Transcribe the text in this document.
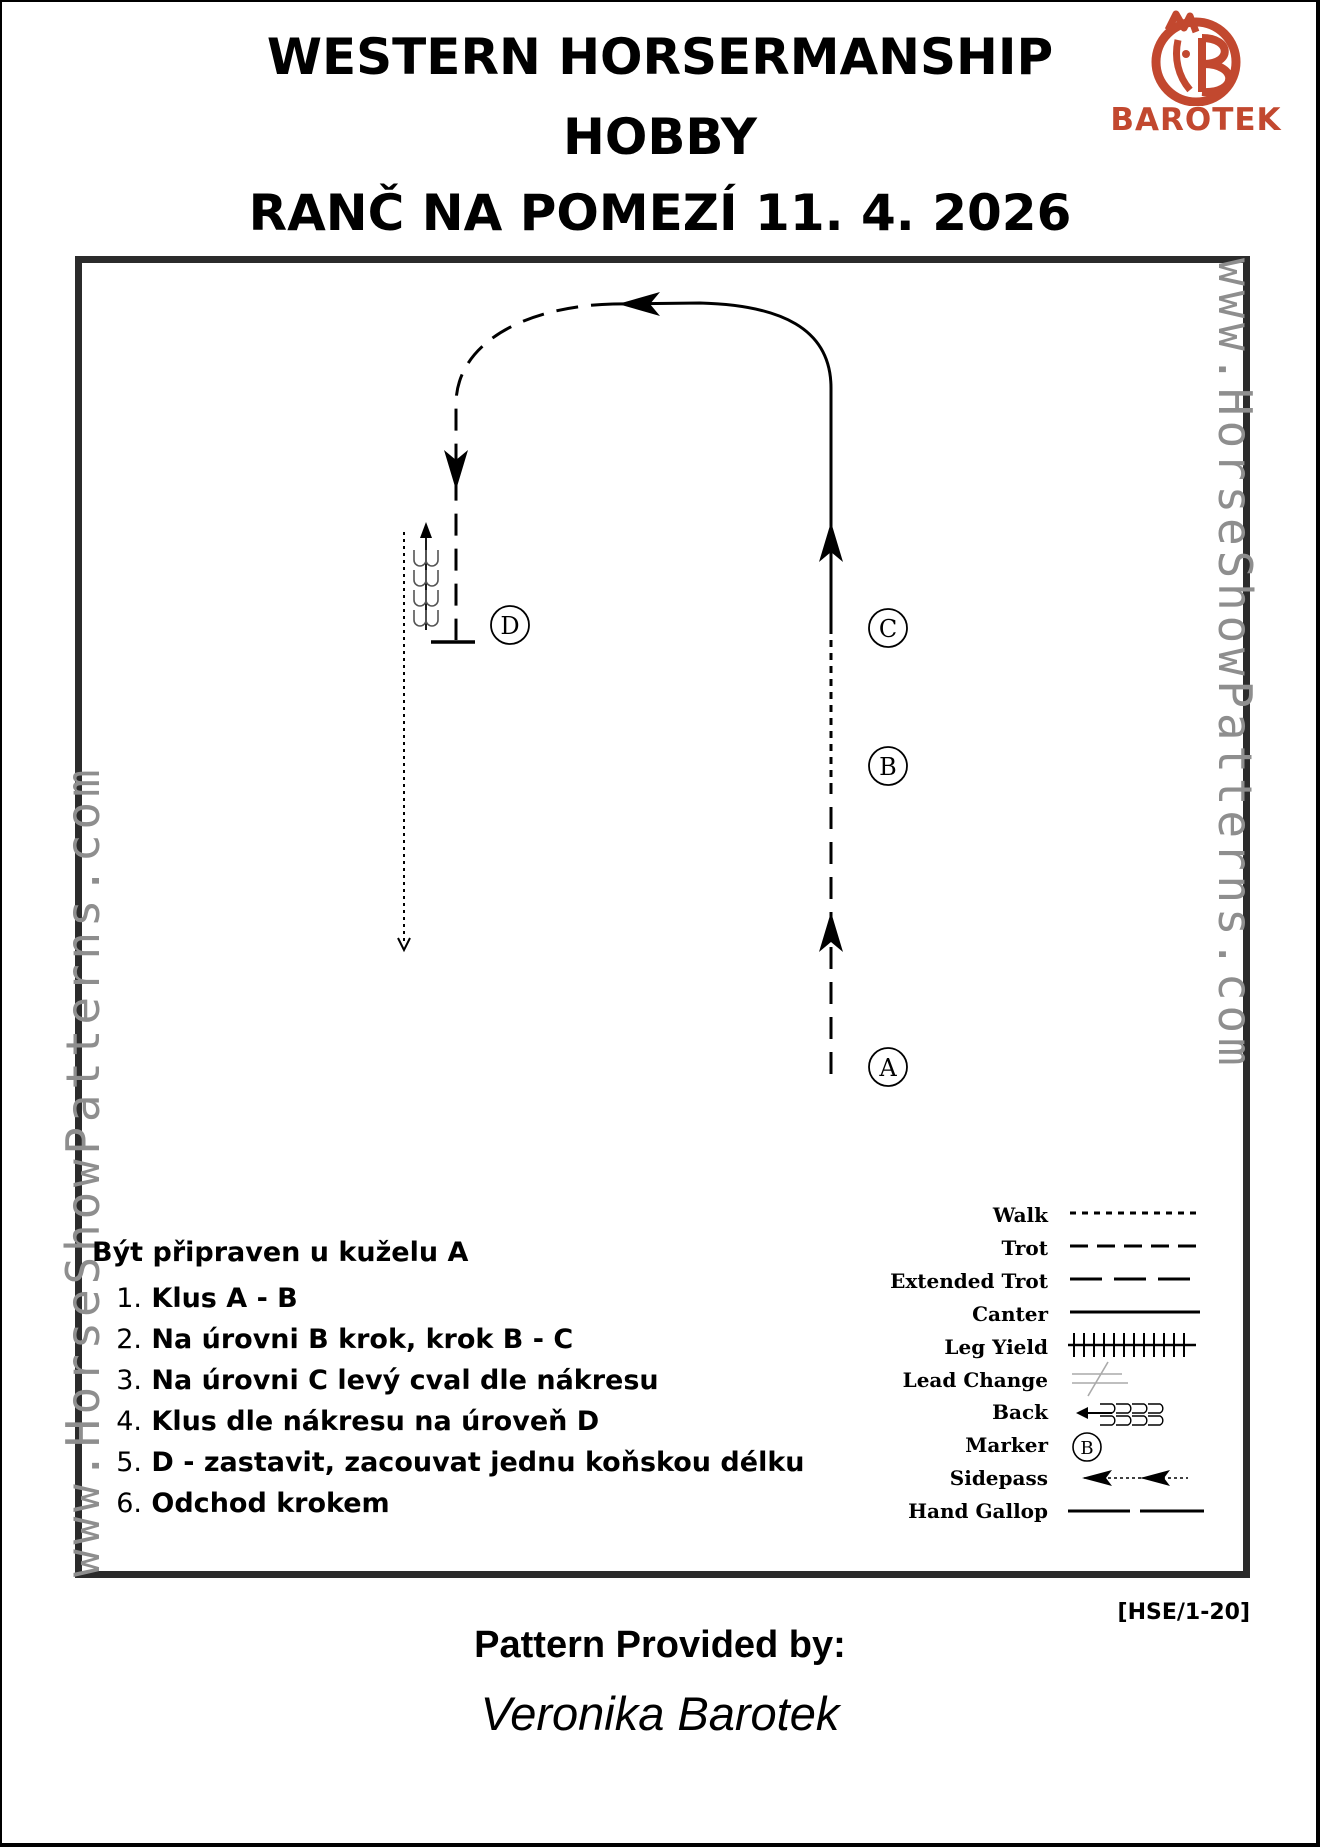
WESTERN HORSERMANSHIP
HOBBY
RANČ NA POMEZÍ 11. 4. 2026
BAROTEK
www.HorseShowPatterns.com
www.HorseShowPatterns.com
A
B
C
D
B
Walk
Trot
Extended Trot
Canter
Leg Yield
Lead Change
Back
Marker
Sidepass
Hand Gallop
Být připraven u kuželu A
1. Klus A - B
2. Na úrovni B krok, krok B - C
3. Na úrovni C levý cval dle nákresu
4. Klus dle nákresu na úroveň D
5. D - zastavit, zacouvat jednu koňskou délku
6. Odchod krokem
[HSE/1-20]
Pattern Provided by:
Veronika Barotek
